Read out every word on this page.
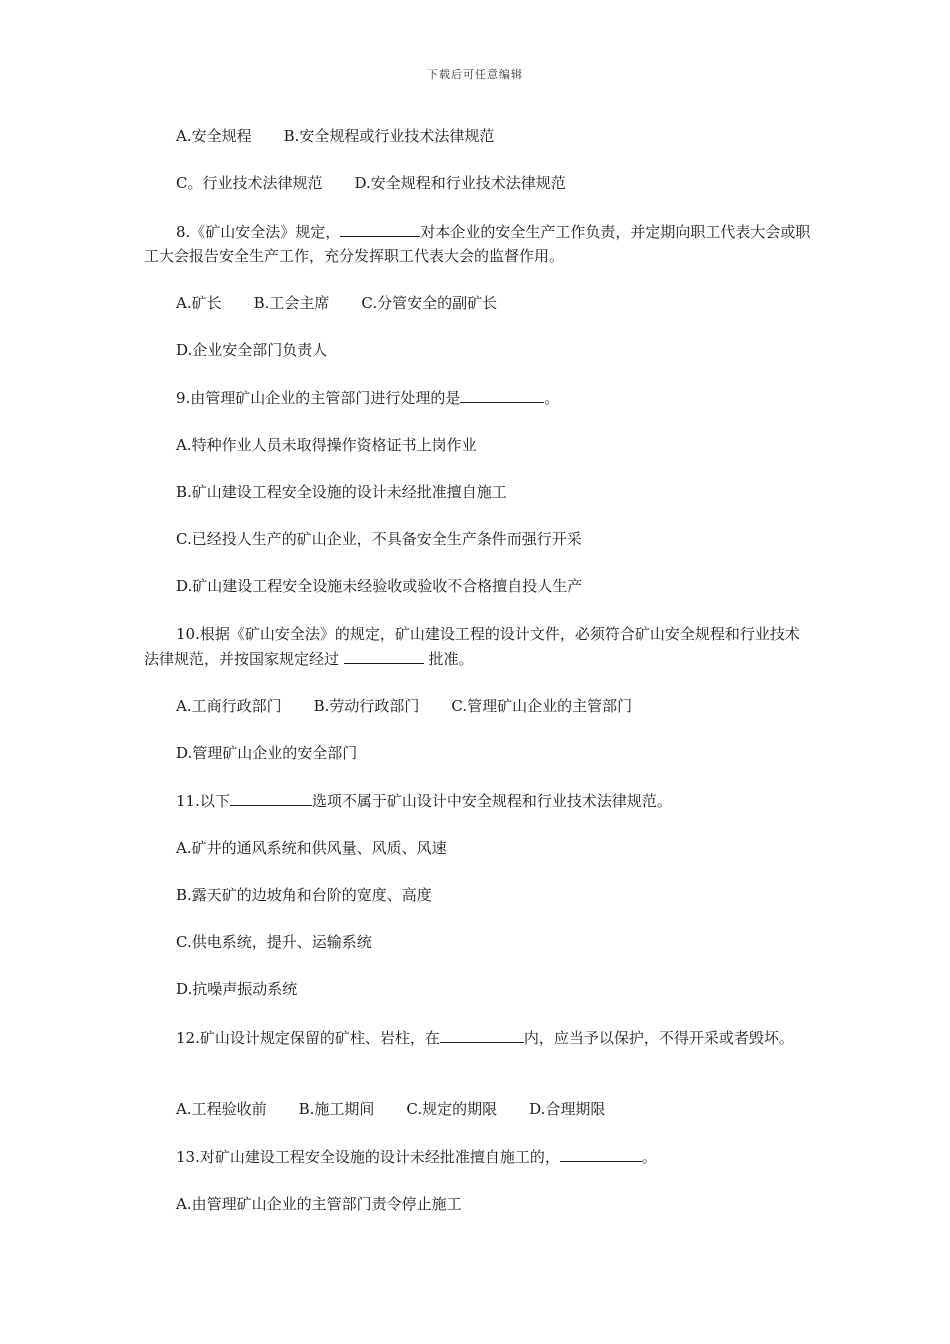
下载后可任意编辑
A.安全规程 B.安全规程或行业技术法律规范
C。行业技术法律规范 D.安全规程和行业技术法律规范
8.《矿山安全法》规定，	对本企业的安全生产工作负责，并定期向职工代表大会或职工大会报告安全生产工作，充分发挥职工代表大会的监督作用。
A.矿长 B.工会主席 C.分管安全的副矿长
D.企业安全部门负责人
9.由管理矿山企业的主管部门进行处理的是	。
A.特种作业人员未取得操作资格证书上岗作业
B.矿山建设工程安全设施的设计未经批准擅自施工
C.已经投人生产的矿山企业，不具备安全生产条件而强行开采
D.矿山建设工程安全设施未经验收或验收不合格擅自投人生产
10.根据《矿山安全法》的规定，矿山建设工程的设计文件，必须符合矿山安全规程和行业技术法律规范，并按国家规定经过	批准。
A.工商行政部门 B.劳动行政部门 C.管理矿山企业的主管部门
D.管理矿山企业的安全部门
11.以下	选项不属于矿山设计中安全规程和行业技术法律规范。
A.矿井的通风系统和供风量、风质、风速
B.露天矿的边坡角和台阶的宽度、高度
C.供电系统，提升、运输系统
D.抗噪声振动系统
12.矿山设计规定保留的矿柱、岩柱，在	内，应当予以保护，不得开采或者毁坏。
A.工程验收前 B.施工期间 C.规定的期限 D.合理期限
13.对矿山建设工程安全设施的设计未经批准擅自施工的，	。
A.由管理矿山企业的主管部门责令停止施工
